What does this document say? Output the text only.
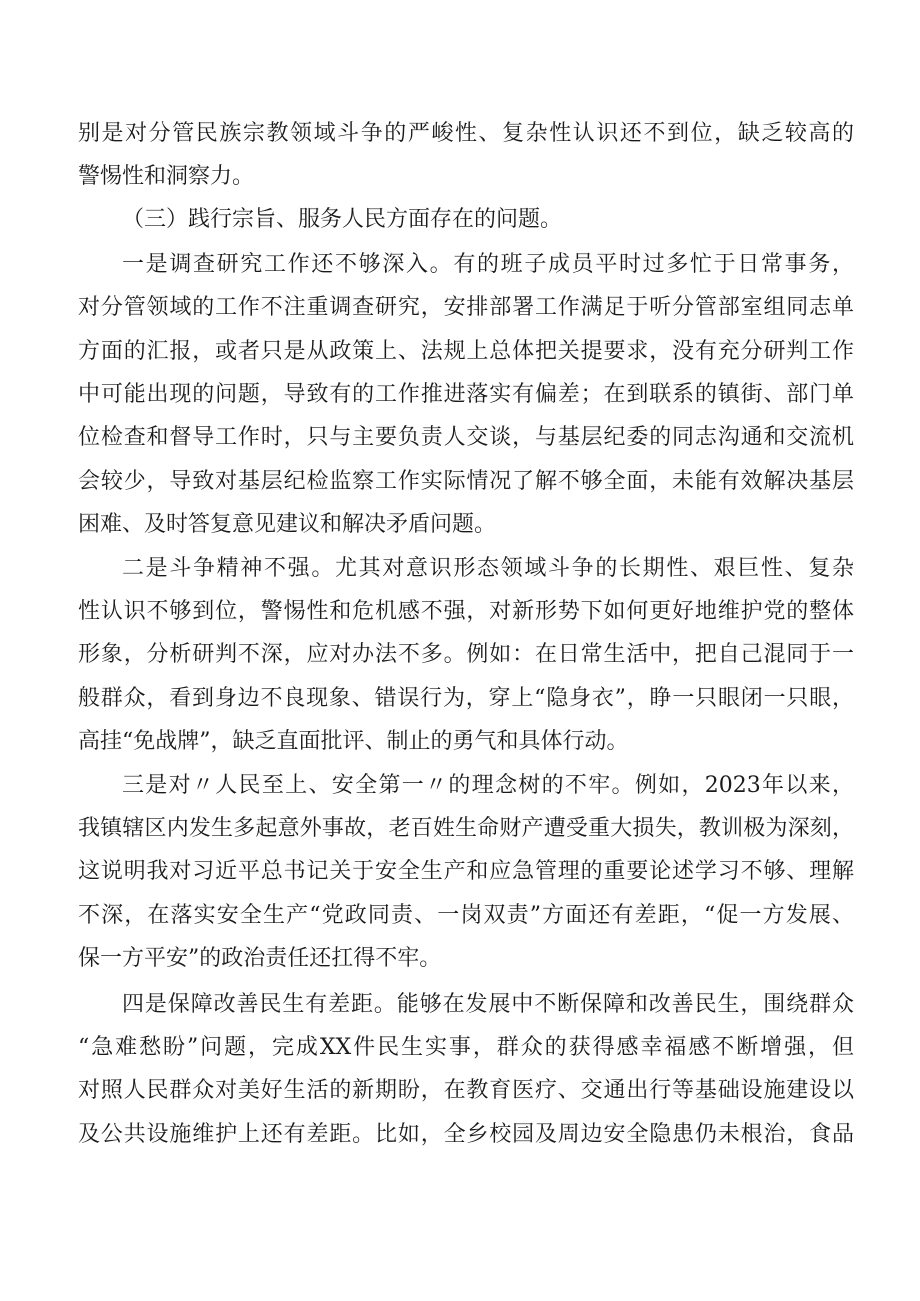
别是对分管民族宗教领域斗争的严峻性、复杂性认识还不到位，缺乏较高的
警惕性和洞察力。
（三）践行宗旨、服务人民方面存在的问题。
一是调查研究工作还不够深入。有的班子成员平时过多忙于日常事务，
对分管领域的工作不注重调查研究，安排部署工作满足于听分管部室组同志单
方面的汇报，或者只是从政策上、法规上总体把关提要求，没有充分研判工作
中可能出现的问题，导致有的工作推进落实有偏差；在到联系的镇街、部门单
位检查和督导工作时，只与主要负责人交谈，与基层纪委的同志沟通和交流机
会较少，导致对基层纪检监察工作实际情况了解不够全面，未能有效解决基层
困难、及时答复意见建议和解决矛盾问题。
二是斗争精神不强。尤其对意识形态领域斗争的长期性、艰巨性、复杂
性认识不够到位，警惕性和危机感不强，对新形势下如何更好地维护党的整体
形象，分析研判不深，应对办法不多。例如：在日常生活中，把自己混同于一
般群众，看到身边不良现象、错误行为，穿上“隐身衣”，睁一只眼闭一只眼，
高挂“免战牌”，缺乏直面批评、制止的勇气和具体行动。
三是对〃人民至上、安全第一〃的理念树的不牢。例如，2023年以来，
我镇辖区内发生多起意外事故，老百姓生命财产遭受重大损失，教训极为深刻，
这说明我对习近平总书记关于安全生产和应急管理的重要论述学习不够、理解
不深，在落实安全生产“党政同责、一岗双责”方面还有差距，“促一方发展、
保一方平安”的政治责任还扛得不牢。
四是保障改善民生有差距。能够在发展中不断保障和改善民生，围绕群众
“急难愁盼”问题，完成XX件民生实事，群众的获得感幸福感不断增强，但
对照人民群众对美好生活的新期盼，在教育医疗、交通出行等基础设施建设以
及公共设施维护上还有差距。比如，全乡校园及周边安全隐患仍未根治，食品
